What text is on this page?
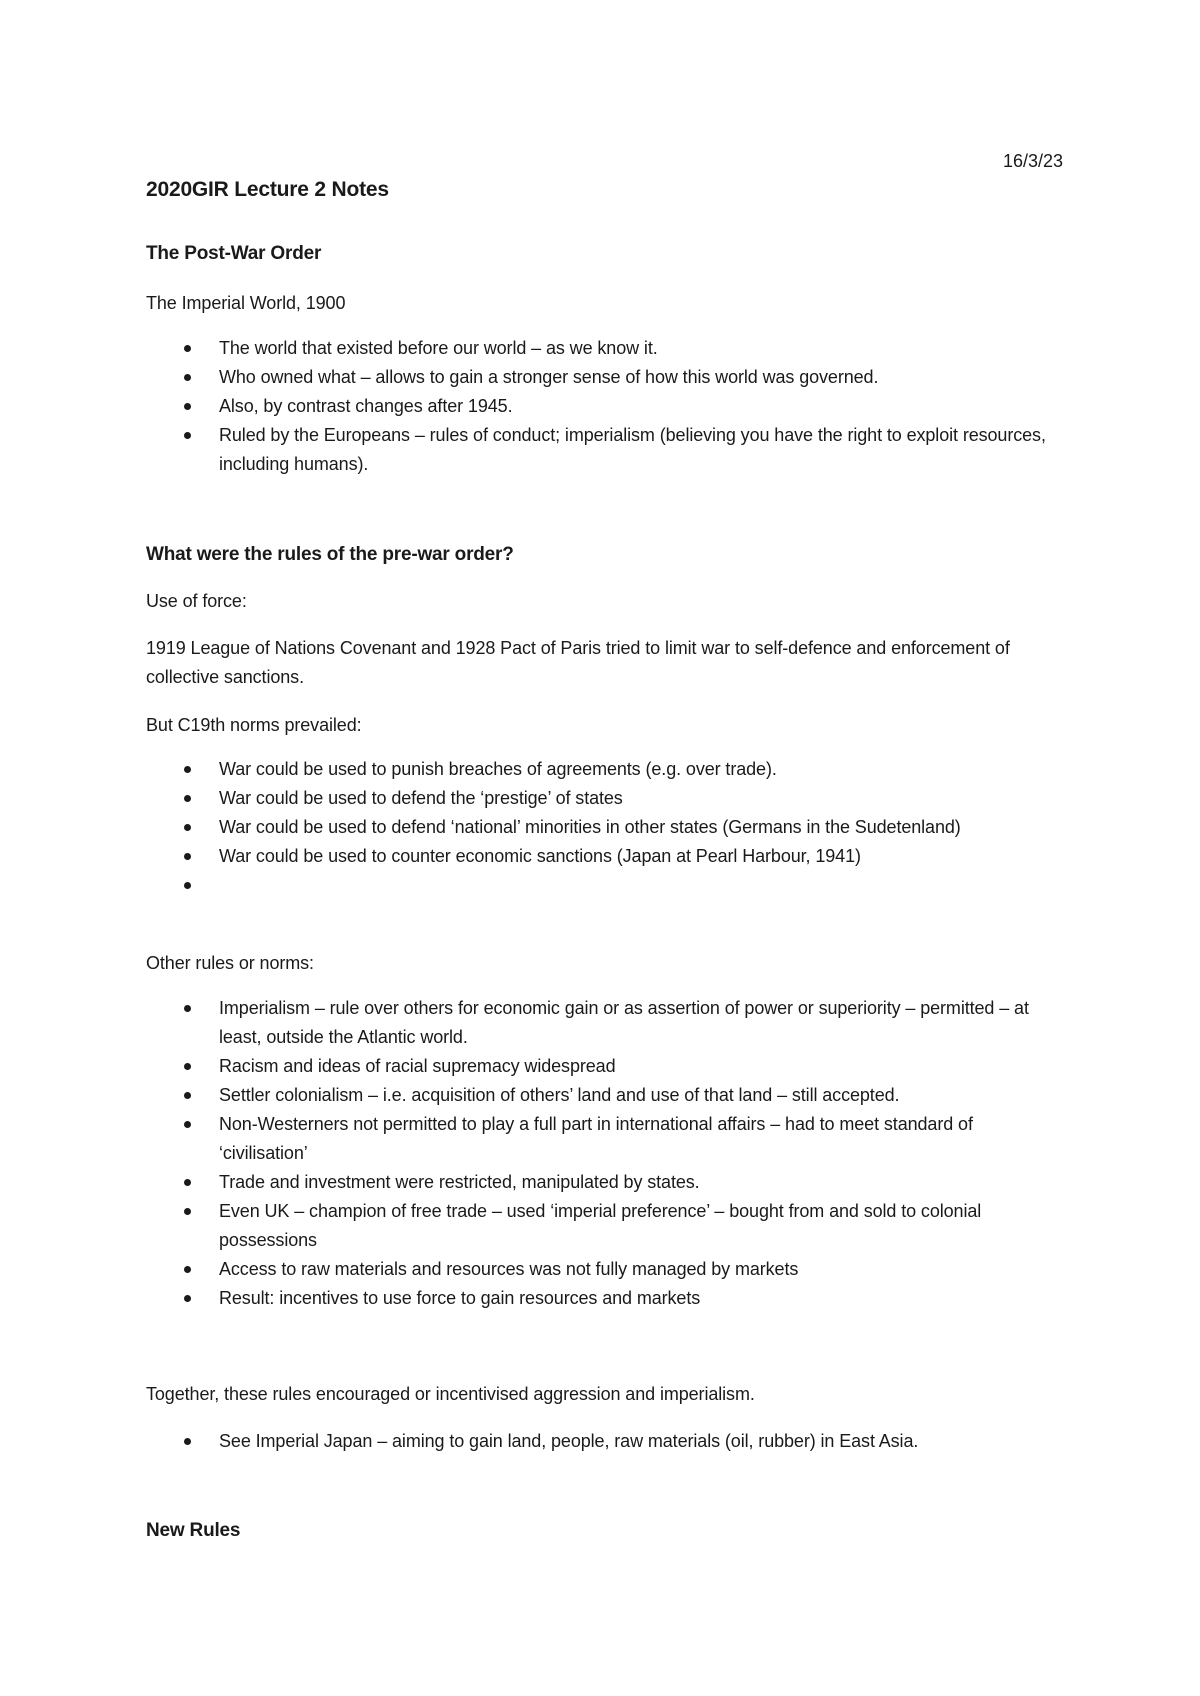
16/3/23
2020GIR Lecture 2 Notes
The Post-War Order
The Imperial World, 1900
The world that existed before our world – as we know it.
Who owned what – allows to gain a stronger sense of how this world was governed.
Also, by contrast changes after 1945.
Ruled by the Europeans – rules of conduct; imperialism (believing you have the right to exploit resources, including humans).
What were the rules of the pre-war order?
Use of force:
1919 League of Nations Covenant and 1928 Pact of Paris tried to limit war to self-defence and enforcement of collective sanctions.
But C19th norms prevailed:
War could be used to punish breaches of agreements (e.g. over trade).
War could be used to defend the ‘prestige’ of states
War could be used to defend ‘national’ minorities in other states (Germans in the Sudetenland)
War could be used to counter economic sanctions (Japan at Pearl Harbour, 1941)
Other rules or norms:
Imperialism – rule over others for economic gain or as assertion of power or superiority – permitted – at least, outside the Atlantic world.
Racism and ideas of racial supremacy widespread
Settler colonialism – i.e. acquisition of others’ land and use of that land – still accepted.
Non-Westerners not permitted to play a full part in international affairs – had to meet standard of ‘civilisation’
Trade and investment were restricted, manipulated by states.
Even UK – champion of free trade – used ‘imperial preference’ – bought from and sold to colonial possessions
Access to raw materials and resources was not fully managed by markets
Result: incentives to use force to gain resources and markets
Together, these rules encouraged or incentivised aggression and imperialism.
See Imperial Japan – aiming to gain land, people, raw materials (oil, rubber) in East Asia.
New Rules
